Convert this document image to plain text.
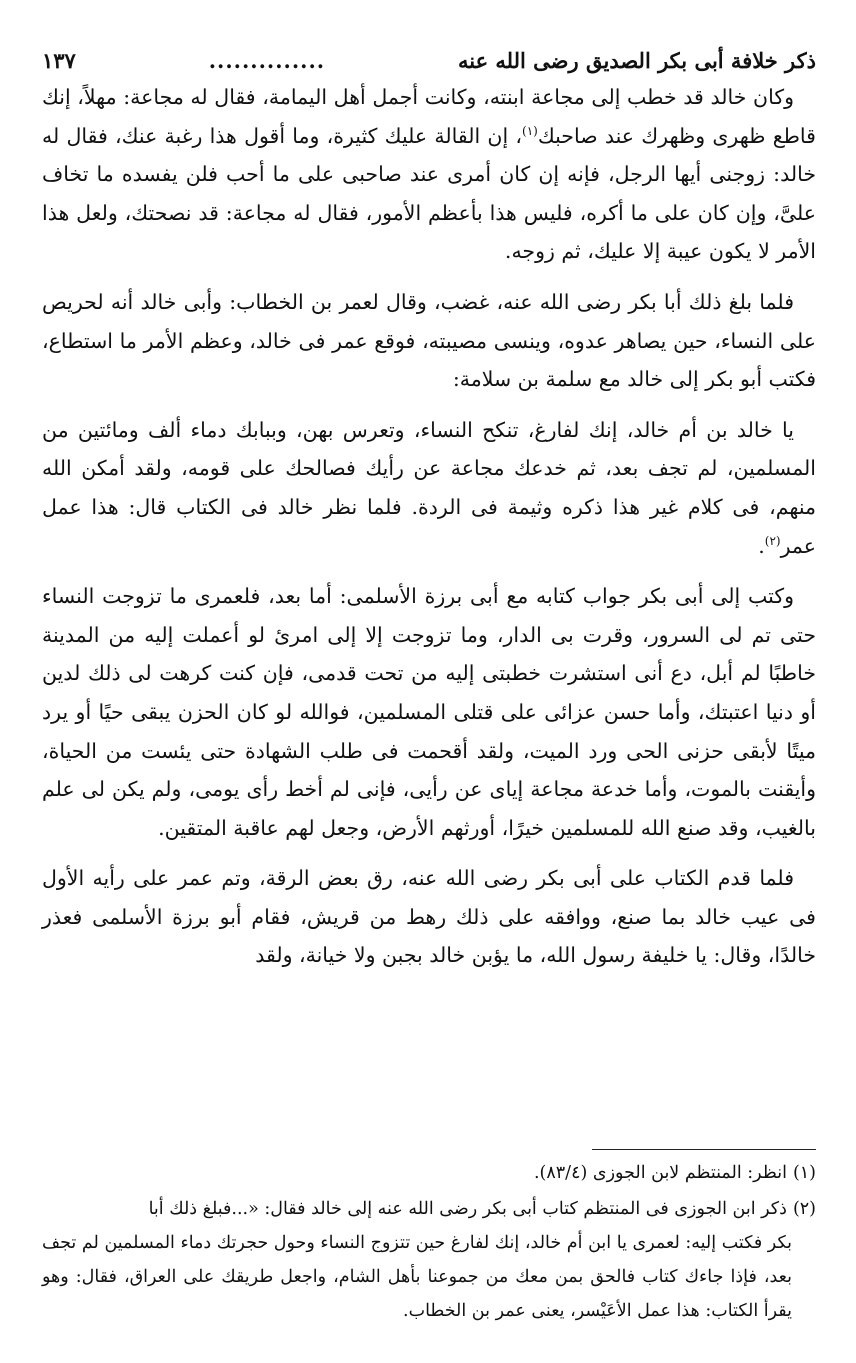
ذكر خلافة أبى بكر الصديق رضى الله عنه
..............
١٣٧

وكان خالد قد خطب إلى مجاعة ابنته، وكانت أجمل أهل اليمامة، فقال له مجاعة: مهلاً، إنك قاطع ظهرى وظهرك عند صاحبك$^{(١)}$، إن القالة عليك كثيرة، وما أقول هذا رغبة عنك، فقال له خالد: زوجنى أيها الرجل، فإنه إن كان أمرى عند صاحبى على ما أحب فلن يفسده ما تخاف علىَّ، وإن كان على ما أكره، فليس هذا بأعظم الأمور، فقال له مجاعة: قد نصحتك، ولعل هذا الأمر لا يكون عيبة إلا عليك، ثم زوجه.

فلما بلغ ذلك أبا بكر رضى الله عنه، غضب، وقال لعمر بن الخطاب: وأبى خالد أنه لحريص على النساء، حين يصاهر عدوه، وينسى مصيبته، فوقع عمر فى خالد، وعظم الأمر ما استطاع، فكتب أبو بكر إلى خالد مع سلمة بن سلامة:

يا خالد بن أم خالد، إنك لفارغ، تنكح النساء، وتعرس بهن، وببابك دماء ألف ومائتين من المسلمين، لم تجف بعد، ثم خدعك مجاعة عن رأيك فصالحك على قومه، ولقد أمكن الله منهم، فى كلام غير هذا ذكره وثيمة فى الردة. فلما نظر خالد فى الكتاب قال: هذا عمل عمر$^{(٢)}$.

وكتب إلى أبى بكر جواب كتابه مع أبى برزة الأسلمى: أما بعد، فلعمرى ما تزوجت النساء حتى تم لى السرور، وقرت بى الدار، وما تزوجت إلا إلى امرئ لو أعملت إليه من المدينة خاطبًا لم أبل، دع أنى استشرت خطبتى إليه من تحت قدمى، فإن كنت كرهت لى ذلك لدين أو دنيا اعتبتك، وأما حسن عزائى على قتلى المسلمين، فوالله لو كان الحزن يبقى حيًا أو يرد ميتًا لأبقى حزنى الحى ورد الميت، ولقد أقحمت فى طلب الشهادة حتى يئست من الحياة، وأيقنت بالموت، وأما خدعة مجاعة إياى عن رأيى، فإنى لم أخط رأى يومى، ولم يكن لى علم بالغيب، وقد صنع الله للمسلمين خيرًا، أورثهم الأرض، وجعل لهم عاقبة المتقين.

فلما قدم الكتاب على أبى بكر رضى الله عنه، رق بعض الرقة، وتم عمر على رأيه الأول فى عيب خالد بما صنع، ووافقه على ذلك رهط من قريش، فقام أبو برزة الأسلمى فعذر خالدًا، وقال: يا خليفة رسول الله، ما يؤبن خالد بجبن ولا خيانة، ولقد

(١)انظر: المنتظم لابن الجوزى (٨٣/٤).

(٢)ذكر ابن الجوزى فى المنتظم كتاب أبى بكر رضى الله عنه إلى خالد فقال: «...فبلغ ذلك أبا
بكر فكتب إليه: لعمرى يا ابن أم خالد، إنك لفارغ حين تتزوج النساء وحول حجرتك دماء المسلمين لم تجف بعد، فإذا جاءك كتاب فالحق بمن معك من جموعنا بأهل الشام، واجعل طريقك على العراق، فقال: وهو يقرأ الكتاب: هذا عمل الأعَيْسر، يعنى عمر بن الخطاب.
